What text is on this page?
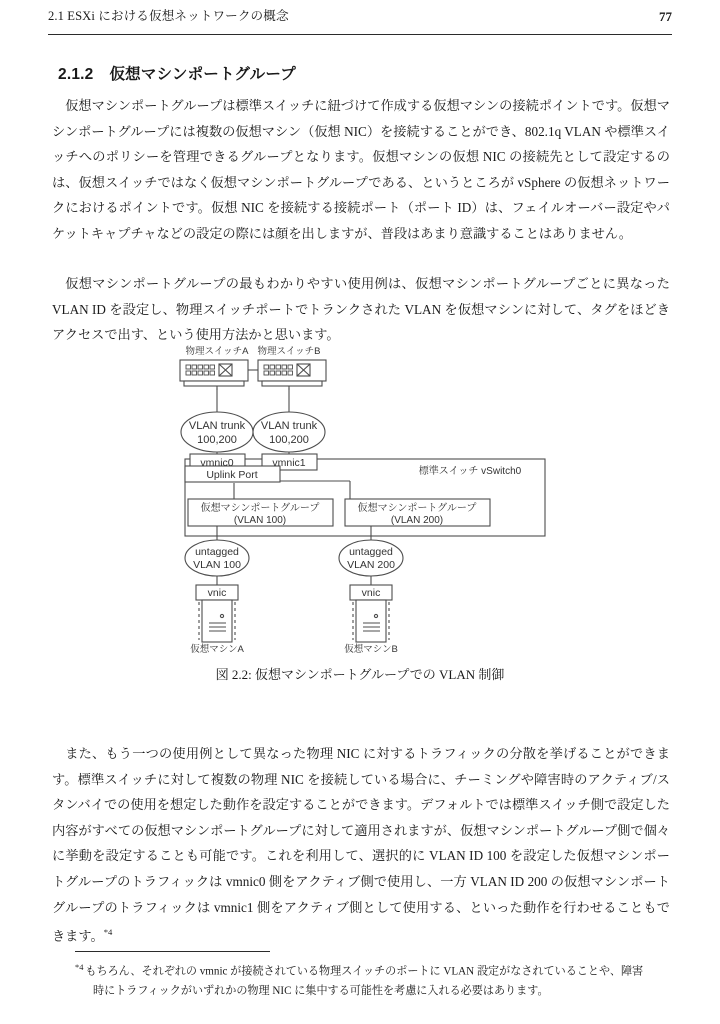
2.1 ESXi における仮想ネットワークの概念	77
2.1.2 仮想マシンポートグループ

仮想マシンポートグループは標準スイッチに紐づけて作成する仮想マシンの接続ポイントです。仮想マシンポートグループには複数の仮想マシン（仮想 NIC）を接続することができ、802.1q VLAN や標準スイッチへのポリシーを管理できるグループとなります。仮想マシンの仮想 NIC の接続先として設定するのは、仮想スイッチではなく仮想マシンポートグループである、というところが vSphere の仮想ネットワークにおけるポイントです。仮想 NIC を接続する接続ポート（ポート ID）は、フェイルオーバー設定やパケットキャプチャなどの設定の際には顔を出しますが、普段はあまり意識することはありません。

仮想マシンポートグループの最もわかりやすい使用例は、仮想マシンポートグループごとに異なった VLAN ID を設定し、物理スイッチポートでトランクされた VLAN を仮想マシンに対して、タグをほどきアクセスで出す、という使用方法かと思います。

物理スイッチA 物理スイッチB
VLAN trunk
100,200
VLAN trunk
100,200
vmnic0	vmnic1
Uplink Port	標準スイッチ vSwitch0
仮想マシンポートグループ
(VLAN 100)
仮想マシンポートグループ
(VLAN 200)
untagged
VLAN 100
untagged
VLAN 200
vnic	vnic
仮想マシンA	仮想マシンB
図 2.2: 仮想マシンポートグループでの VLAN 制御

また、もう一つの使用例として異なった物理 NIC に対するトラフィックの分散を挙げることができます。標準スイッチに対して複数の物理 NIC を接続している場合に、チーミングや障害時のアクティブ/スタンバイでの使用を想定した動作を設定することができます。デフォルトでは標準スイッチ側で設定した内容がすべての仮想マシンポートグループに対して適用されますが、仮想マシンポートグループ側で個々に挙動を設定することも可能です。これを利用して、選択的に VLAN ID 100 を設定した仮想マシンポートグループのトラフィックは vmnic0 側をアクティブ側で使用し、一方 VLAN ID 200 の仮想マシンポートグループのトラフィックは vmnic1 側をアクティブ側として使用する、といった動作を行わせることもできます。$^{*4}$

$^{*4}$ もちろん、それぞれの vmnic が接続されている物理スイッチのポートに VLAN 設定がなされていることや、障害
時にトラフィックがいずれかの物理 NIC に集中する可能性を考慮に入れる必要はあります。
